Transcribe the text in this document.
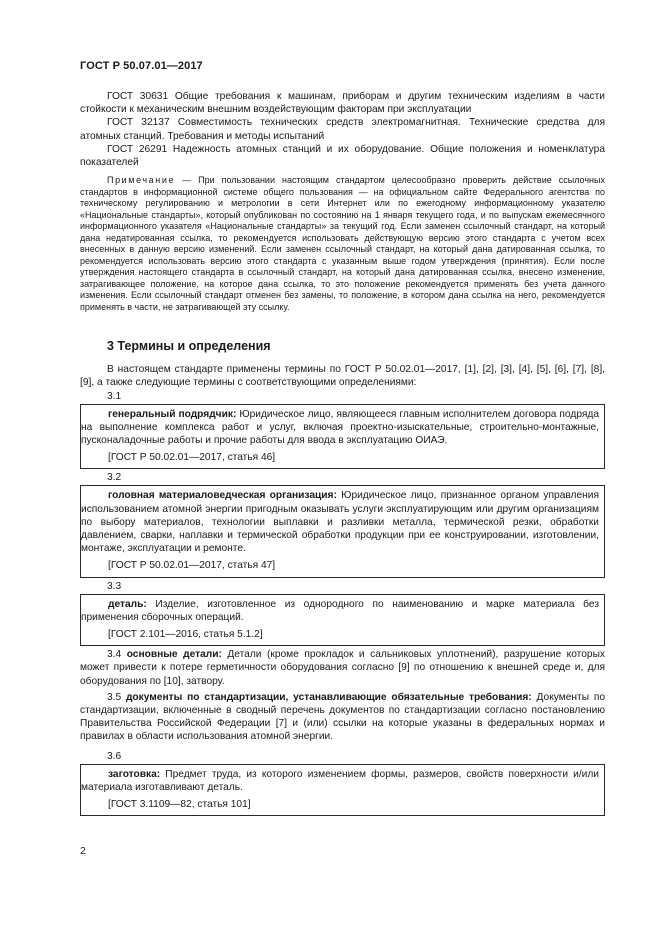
ГОСТ Р 50.07.01—2017

ГОСТ 30631 Общие требования к машинам, приборам и другим техническим изделиям в части стойкости к механическим внешним воздействующим факторам при эксплуатации

ГОСТ 32137 Совместимость технических средств электромагнитная. Технические средства для атомных станций. Требования и методы испытаний

ГОСТ 26291 Надежность атомных станций и их оборудование. Общие положения и номенклатура показателей

Примечание — При пользовании настоящим стандартом целесообразно проверить действие ссылочных стандартов в информационной системе общего пользования — на официальном сайте Федерального агентства по техническому регулированию и метрологии в сети Интернет или по ежегодному информационному указателю «Национальные стандарты», который опубликован по состоянию на 1 января текущего года, и по выпускам ежемесячного информационного указателя «Национальные стандарты» за текущий год. Если заменен ссылочный стандарт, на который дана недатированная ссылка, то рекомендуется использовать действующую версию этого стандарта с учетом всех внесенных в данную версию изменений. Если заменен ссылочный стандарт, на который дана датированная ссылка, то рекомендуется использовать версию этого стандарта с указанным выше годом утверждения (принятия). Если после утверждения настоящего стандарта в ссылочный стандарт, на который дана датированная ссылка, внесено изменение, затрагивающее положение, на которое дана ссылка, то это положение рекомендуется применять без учета данного изменения. Если ссылочный стандарт отменен без замены, то положение, в котором дана ссылка на него, рекомендуется применять в части, не затрагивающей эту ссылку.

3 Термины и определения

В настоящем стандарте применены термины по ГОСТ Р 50.02.01—2017, [1], [2], [3], [4], [5], [6], [7], [8], [9], а также следующие термины с соответствующими определениями:

3.1

генеральный подрядчик: Юридическое лицо, являющееся главным исполнителем договора подряда на выполнение комплекса работ и услуг, включая проектно-изыскательные, строительно-монтажные, пусконаладочные работы и прочие работы для ввода в эксплуатацию ОИАЭ.

[ГОСТ Р 50.02.01—2017, статья 46]
3.2

головная материаловедческая организация: Юридическое лицо, признанное органом управления использованием атомной энергии пригодным оказывать услуги эксплуатирующим или другим организациям по выбору материалов, технологии выплавки и разливки металла, термической резки, обработки давлением, сварки, наплавки и термической обработки продукции при ее конструировании, изготовлении, монтаже, эксплуатации и ремонте.

[ГОСТ Р 50.02.01—2017, статья 47]
3.3

деталь: Изделие, изготовленное из однородного по наименованию и марке материала без применения сборочных операций.

[ГОСТ 2.101—2016, статья 5.1.2]

3.4 основные детали: Детали (кроме прокладок и сальниковых уплотнений), разрушение которых может привести к потере герметичности оборудования согласно [9] по отношению к внешней среде и, для оборудования по [10], затвору.

3.5 документы по стандартизации, устанавливающие обязательные требования: Документы по стандартизации, включенные в сводный перечень документов по стандартизации согласно постановлению Правительства Российской Федерации [7] и (или) ссылки на которые указаны в федеральных нормах и правилах в области использования атомной энергии.

3.6

заготовка: Предмет труда, из которого изменением формы, размеров, свойств поверхности и/или материала изготавливают деталь.

[ГОСТ 3.1109—82, статья 101]
2
